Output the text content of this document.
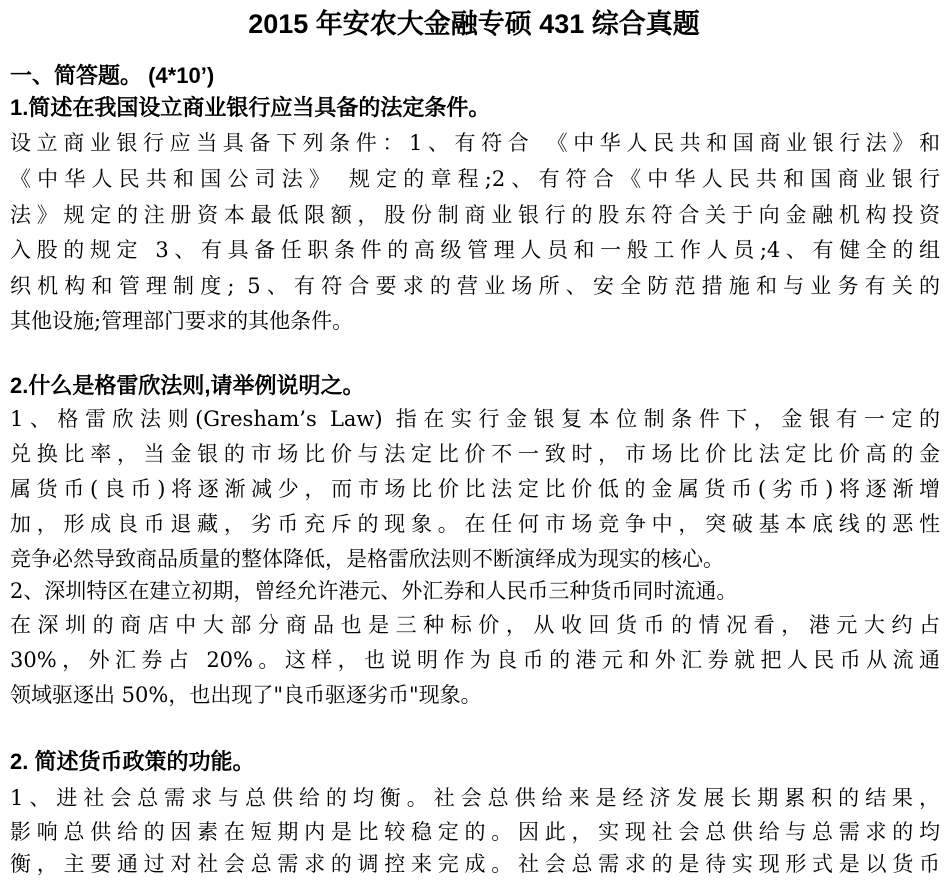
2015 年安农大金融专硕 431 综合真题
一、简答题。 (4*10’)
1.简述在我国设立商业银行应当具备的法定条件。
设立商业银行应当具备下列条件：1、有符合 《中华人民共和国商业银行法》和
《中华人民共和国公司法》 规定的章程;2、有符合《中华人民共和国商业银行
法》规定的注册资本最低限额，股份制商业银行的股东符合关于向金融机构投资
入股的规定 3、有具备任职条件的高级管理人员和一般工作人员;4、有健全的组
织机构和管理制度; 5、有符合要求的营业场所、安全防范措施和与业务有关的
其他设施;管理部门要求的其他条件。
2.什么是格雷欣法则,请举例说明之。
1、格雷欣法则(Gresham’s Law) 指在实行金银复本位制条件下，金银有一定的
兑换比率，当金银的市场比价与法定比价不一致时，市场比价比法定比价高的金
属货币(良币)将逐渐减少，而市场比价比法定比价低的金属货币(劣币)将逐渐增
加，形成良币退藏，劣币充斥的现象。在任何市场竞争中，突破基本底线的恶性
竞争必然导致商品质量的整体降低，是格雷欣法则不断演绎成为现实的核心。
2、深圳特区在建立初期，曾经允许港元、外汇券和人民币三种货币同时流通。
在深圳的商店中大部分商品也是三种标价，从收回货币的情况看，港元大约占
30%，外汇券占 20%。这样，也说明作为良币的港元和外汇券就把人民币从流通
领域驱逐出 50%，也出现了"良币驱逐劣币"现象。
2. 简述货币政策的功能。
1、进社会总需求与总供给的均衡。社会总供给来是经济发展长期累积的结果，
影响总供给的因素在短期内是比较稳定的。因此，实现社会总供给与总需求的均
衡，主要通过对社会总需求的调控来完成。社会总需求的是待实现形式是以货币
